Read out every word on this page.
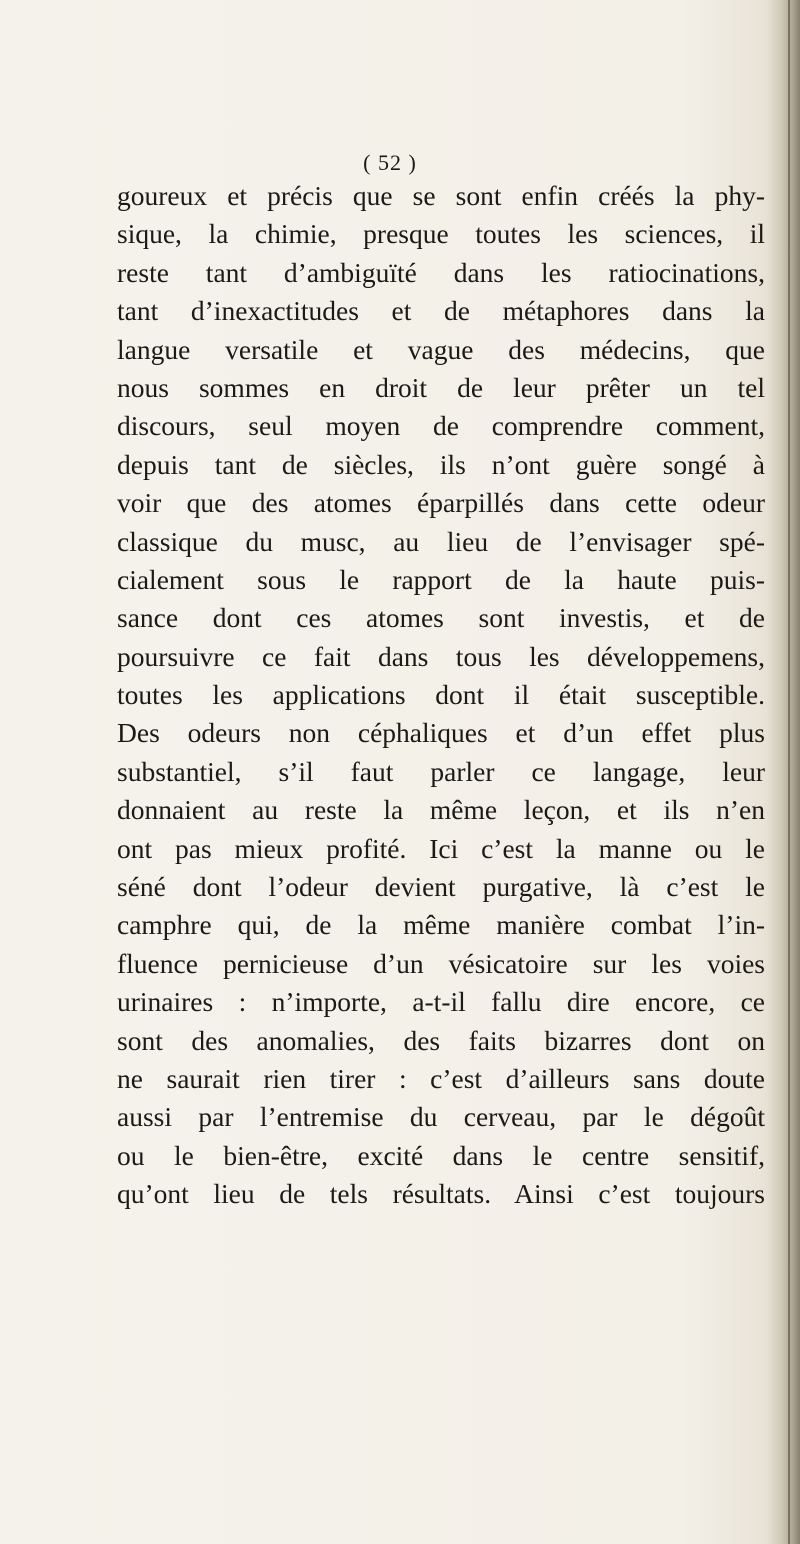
( 52 )
goureux et précis que se sont enfin créés la phy-
sique, la chimie, presque toutes les sciences, il
reste tant d’ambiguïté dans les ratiocinations,
tant d’inexactitudes et de métaphores dans la
langue versatile et vague des médecins, que
nous sommes en droit de leur prêter un tel
discours, seul moyen de comprendre comment,
depuis tant de siècles, ils n’ont guère songé à
voir que des atomes éparpillés dans cette odeur
classique du musc, au lieu de l’envisager spé-
cialement sous le rapport de la haute puis-
sance dont ces atomes sont investis, et de
poursuivre ce fait dans tous les développemens,
toutes les applications dont il était susceptible.
Des odeurs non céphaliques et d’un effet plus
substantiel, s’il faut parler ce langage, leur
donnaient au reste la même leçon, et ils n’en
ont pas mieux profité. Ici c’est la manne ou le
séné dont l’odeur devient purgative, là c’est le
camphre qui, de la même manière combat l’in-
fluence pernicieuse d’un vésicatoire sur les voies
urinaires : n’importe, a-t-il fallu dire encore, ce
sont des anomalies, des faits bizarres dont on
ne saurait rien tirer : c’est d’ailleurs sans doute
aussi par l’entremise du cerveau, par le dégoût
ou le bien-être, excité dans le centre sensitif,
qu’ont lieu de tels résultats. Ainsi c’est toujours
